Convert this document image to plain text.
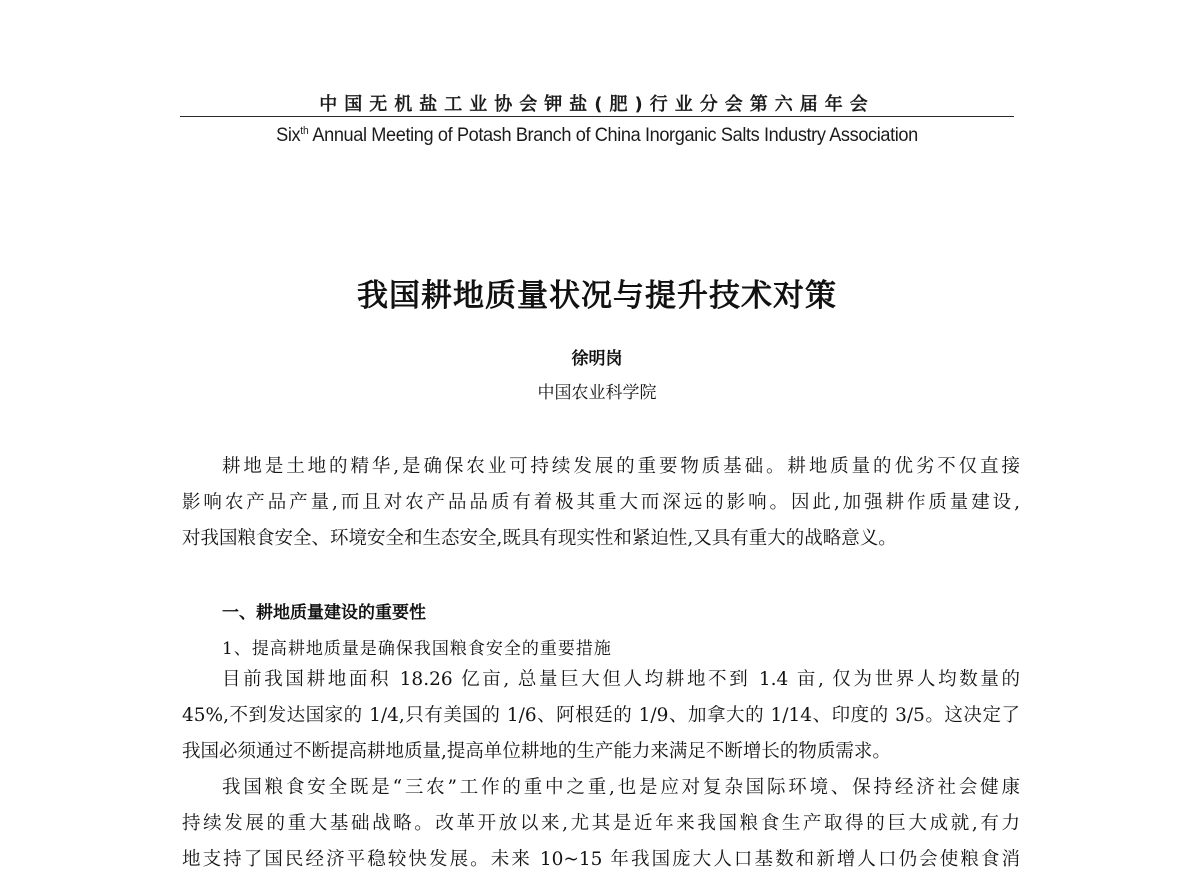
中国无机盐工业协会钾盐(肥)行业分会第六届年会
Six$^{th}$ Annual Meeting of Potash Branch of China Inorganic Salts Industry Association
我国耕地质量状况与提升技术对策
徐明岗
中国农业科学院
耕地是土地的精华,是确保农业可持续发展的重要物质基础。耕地质量的优劣不仅直接
影响农产品产量,而且对农产品品质有着极其重大而深远的影响。因此,加强耕作质量建设,
对我国粮食安全、环境安全和生态安全,既具有现实性和紧迫性,又具有重大的战略意义。
一、耕地质量建设的重要性
1、提高耕地质量是确保我国粮食安全的重要措施
目前我国耕地面积 18.26 亿亩, 总量巨大但人均耕地不到 1.4 亩, 仅为世界人均数量的
45%,不到发达国家的 1/4,只有美国的 1/6、阿根廷的 1/9、加拿大的 1/14、印度的 3/5。这决定了
我国必须通过不断提高耕地质量,提高单位耕地的生产能力来满足不断增长的物质需求。
我国粮食安全既是“三农”工作的重中之重,也是应对复杂国际环境、保持经济社会健康
持续发展的重大基础战略。改革开放以来,尤其是近年来我国粮食生产取得的巨大成就,有力
地支持了国民经济平稳较快发展。未来 10~15 年我国庞大人口基数和新增人口仍会使粮食消
